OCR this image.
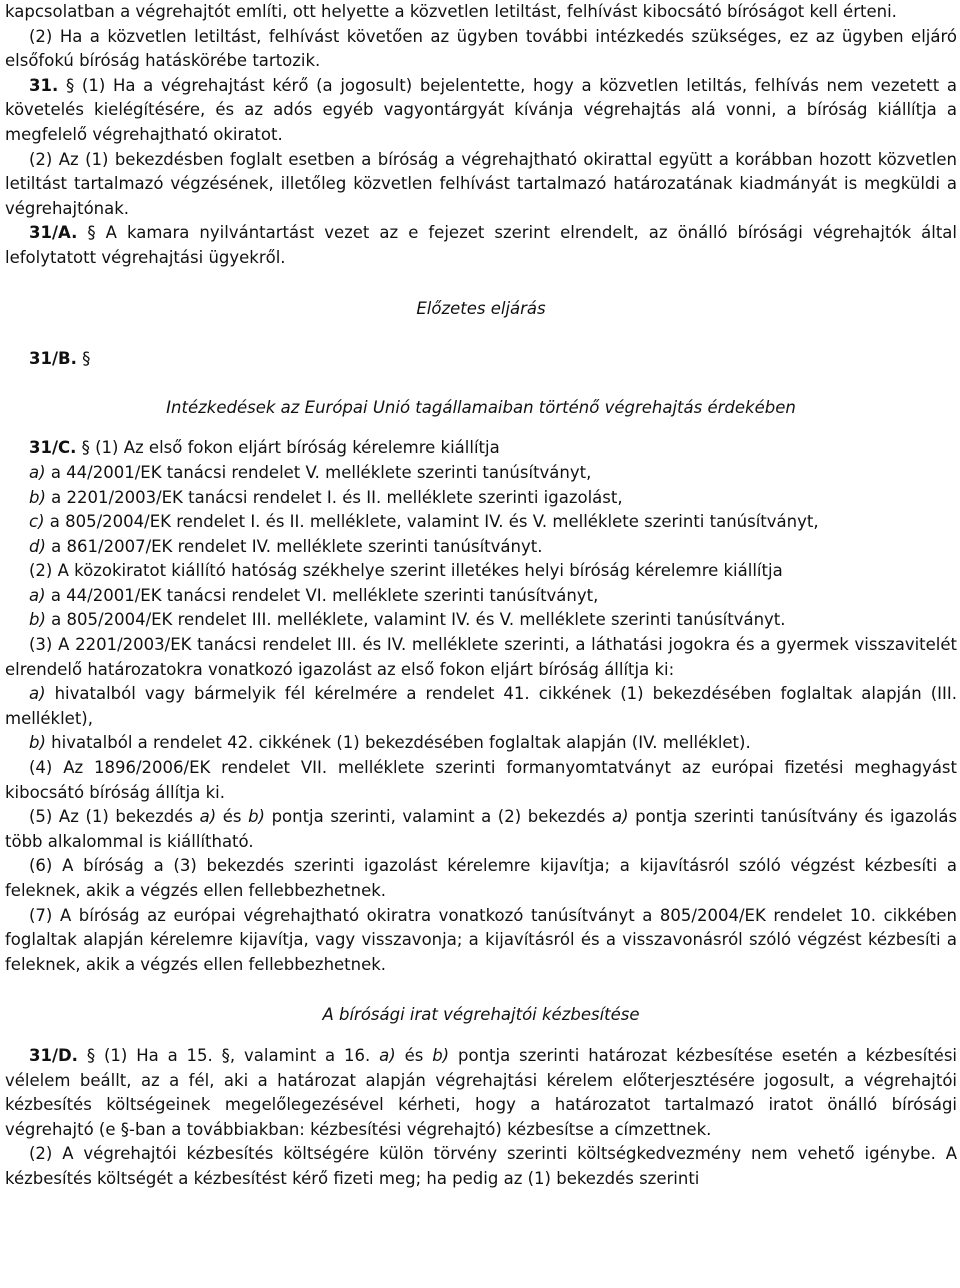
kapcsolatban a végrehajtót említi, ott helyette a közvetlen letiltást, felhívást kibocsátó bíróságot kell érteni.

(2) Ha a közvetlen letiltást, felhívást követően az ügyben további intézkedés szükséges, ez az ügyben eljáró elsőfokú bíróság hatáskörébe tartozik.

31. § (1) Ha a végrehajtást kérő (a jogosult) bejelentette, hogy a közvetlen letiltás, felhívás nem vezetett a követelés kielégítésére, és az adós egyéb vagyontárgyát kívánja végrehajtás alá vonni, a bíróság kiállítja a megfelelő végrehajtható okiratot.

(2) Az (1) bekezdésben foglalt esetben a bíróság a végrehajtható okirattal együtt a korábban hozott közvetlen letiltást tartalmazó végzésének, illetőleg közvetlen felhívást tartalmazó határozatának kiadmányát is megküldi a végrehajtónak.

31/A. § A kamara nyilvántartást vezet az e fejezet szerint elrendelt, az önálló bírósági végrehajtók által lefolytatott végrehajtási ügyekről.

Előzetes eljárás

31/B. §

Intézkedések az Európai Unió tagállamaiban történő végrehajtás érdekében

31/C. § (1) Az első fokon eljárt bíróság kérelemre kiállítja

a) a 44/2001/EK tanácsi rendelet V. melléklete szerinti tanúsítványt,

b) a 2201/2003/EK tanácsi rendelet I. és II. melléklete szerinti igazolást,

c) a 805/2004/EK rendelet I. és II. melléklete, valamint IV. és V. melléklete szerinti tanúsítványt,

d) a 861/2007/EK rendelet IV. melléklete szerinti tanúsítványt.

(2) A közokiratot kiállító hatóság székhelye szerint illetékes helyi bíróság kérelemre kiállítja

a) a 44/2001/EK tanácsi rendelet VI. melléklete szerinti tanúsítványt,

b) a 805/2004/EK rendelet III. melléklete, valamint IV. és V. melléklete szerinti tanúsítványt.

(3) A 2201/2003/EK tanácsi rendelet III. és IV. melléklete szerinti, a láthatási jogokra és a gyermek visszavitelét elrendelő határozatokra vonatkozó igazolást az első fokon eljárt bíróság állítja ki:

a) hivatalból vagy bármelyik fél kérelmére a rendelet 41. cikkének (1) bekezdésében foglaltak alapján (III. melléklet),

b) hivatalból a rendelet 42. cikkének (1) bekezdésében foglaltak alapján (IV. melléklet).

(4) Az 1896/2006/EK rendelet VII. melléklete szerinti formanyomtatványt az európai fizetési meghagyást kibocsátó bíróság állítja ki.

(5) Az (1) bekezdés a) és b) pontja szerinti, valamint a (2) bekezdés a) pontja szerinti tanúsítvány és igazolás több alkalommal is kiállítható.

(6) A bíróság a (3) bekezdés szerinti igazolást kérelemre kijavítja; a kijavításról szóló végzést kézbesíti a feleknek, akik a végzés ellen fellebbezhetnek.

(7) A bíróság az európai végrehajtható okiratra vonatkozó tanúsítványt a 805/2004/EK rendelet 10. cikkében foglaltak alapján kérelemre kijavítja, vagy visszavonja; a kijavításról és a visszavonásról szóló végzést kézbesíti a feleknek, akik a végzés ellen fellebbezhetnek.

A bírósági irat végrehajtói kézbesítése

31/D. § (1) Ha a 15. §, valamint a 16. a) és b) pontja szerinti határozat kézbesítése esetén a kézbesítési vélelem beállt, az a fél, aki a határozat alapján végrehajtási kérelem előterjesztésére jogosult, a végrehajtói kézbesítés költségeinek megelőlegezésével kérheti, hogy a határozatot tartalmazó iratot önálló bírósági végrehajtó (e §-ban a továbbiakban: kézbesítési végrehajtó) kézbesítse a címzettnek.

(2) A végrehajtói kézbesítés költségére külön törvény szerinti költségkedvezmény nem vehető igénybe. A kézbesítés költségét a kézbesítést kérő fizeti meg; ha pedig az (1) bekezdés szerinti
